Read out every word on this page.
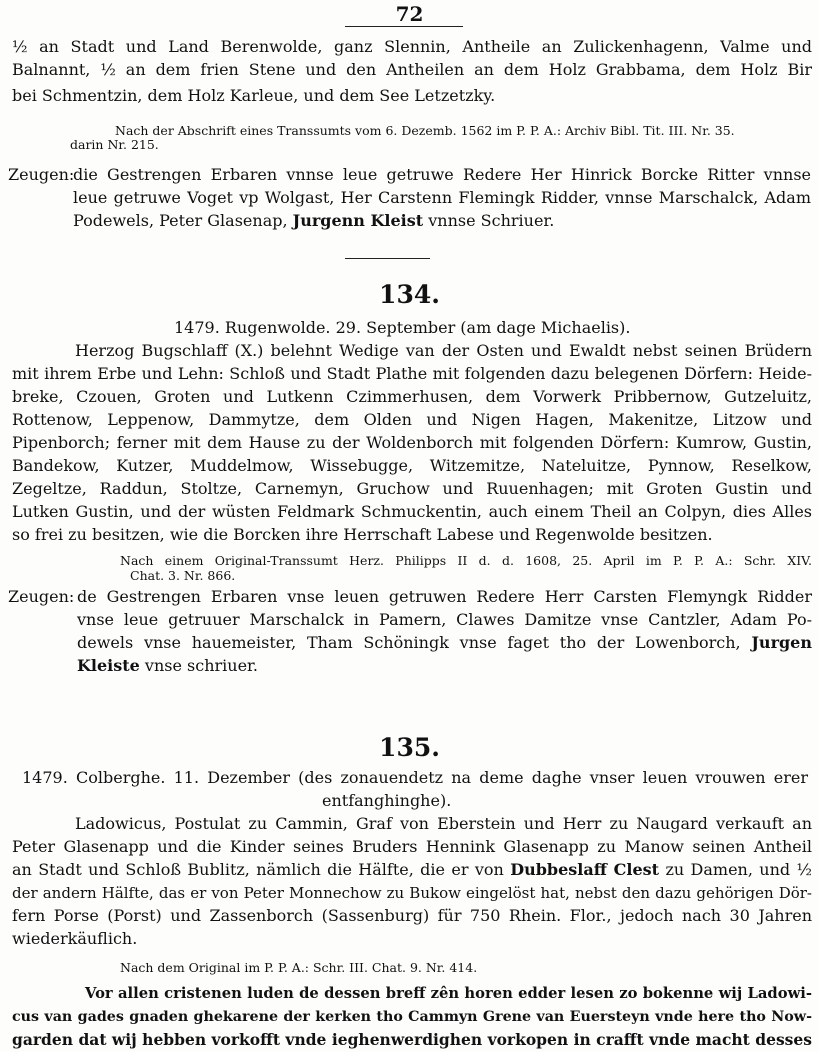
72
½ an Stadt und Land Berenwolde, ganz Slennin, Antheile an Zulickenhagenn, Valme und
Balnannt, ½ an dem frien Stene und den Antheilen an dem Holz Grabbama, dem Holz Bir
bei Schmentzin, dem Holz Karleue, und dem See Letzetzky.
Nach der Abschrift eines Transsumts vom 6. Dezemb. 1562 im P. P. A.: Archiv Bibl. Tit. III. Nr. 35.
darin Nr. 215.
Zeugen:
die Gestrengen Erbaren vnnse leue getruwe Redere Her Hinrick Borcke Ritter vnnse
leue getruwe Voget vp Wolgast, Her Carstenn Flemingk Ridder, vnnse Marschalck, Adam
Podewels, Peter Glasenap, Jurgenn Kleist vnnse Schriuer.
134.
1479. Rugenwolde. 29. September (am dage Michaelis).
Herzog Bugschlaff (X.) belehnt Wedige van der Osten und Ewaldt nebst seinen Brüdern
mit ihrem Erbe und Lehn: Schloß und Stadt Plathe mit folgenden dazu belegenen Dörfern: Heide-
breke, Czouen, Groten und Lutkenn Czimmerhusen, dem Vorwerk Pribbernow, Gutzeluitz,
Rottenow, Leppenow, Dammytze, dem Olden und Nigen Hagen, Makenitze, Litzow und
Pipenborch; ferner mit dem Hause zu der Woldenborch mit folgenden Dörfern: Kumrow, Gustin,
Bandekow, Kutzer, Muddelmow, Wissebugge, Witzemitze, Nateluitze, Pynnow, Reselkow,
Zegeltze, Raddun, Stoltze, Carnemyn, Gruchow und Ruuenhagen; mit Groten Gustin und
Lutken Gustin, und der wüsten Feldmark Schmuckentin, auch einem Theil an Colpyn, dies Alles
so frei zu besitzen, wie die Borcken ihre Herrschaft Labese und Regenwolde besitzen.
Nach einem Original-Transsumt Herz. Philipps II d. d. 1608, 25. April im P. P. A.: Schr. XIV.
Chat. 3. Nr. 866.
Zeugen: de Gestrengen Erbaren vnse leuen getruwen Redere Herr Carsten Flemyngk Ridder
vnse leue getruuer Marschalck in Pamern, Clawes Damitze vnse Cantzler, Adam Po-
dewels vnse hauemeister, Tham Schöningk vnse faget tho der Lowenborch, Jurgen
Kleiste vnse schriuer.
135.
1479. Colberghe. 11. Dezember (des zonauendetz na deme daghe vnser leuen vrouwen erer
entfanghinghe).
Ladowicus, Postulat zu Cammin, Graf von Eberstein und Herr zu Naugard verkauft an
Peter Glasenapp und die Kinder seines Bruders Hennink Glasenapp zu Manow seinen Antheil
an Stadt und Schloß Bublitz, nämlich die Hälfte, die er von Dubbeslaff Clest zu Damen, und ½
der andern Hälfte, das er von Peter Monnechow zu Bukow eingelöst hat, nebst den dazu gehörigen Dör-
fern Porse (Porst) und Zassenborch (Sassenburg) für 750 Rhein. Flor., jedoch nach 30 Jahren
wiederkäuflich.
Nach dem Original im P. P. A.: Schr. III. Chat. 9. Nr. 414.
Vor allen cristenen luden de dessen breff zên horen edder lesen zo bokenne wij Ladowi-
cus van gades gnaden ghekarene der kerken tho Cammyn Grene van Euersteyn vnde here tho Now-
garden dat wij hebben vorkofft vnde ieghenwerdighen vorkopen in crafft vnde macht desses
